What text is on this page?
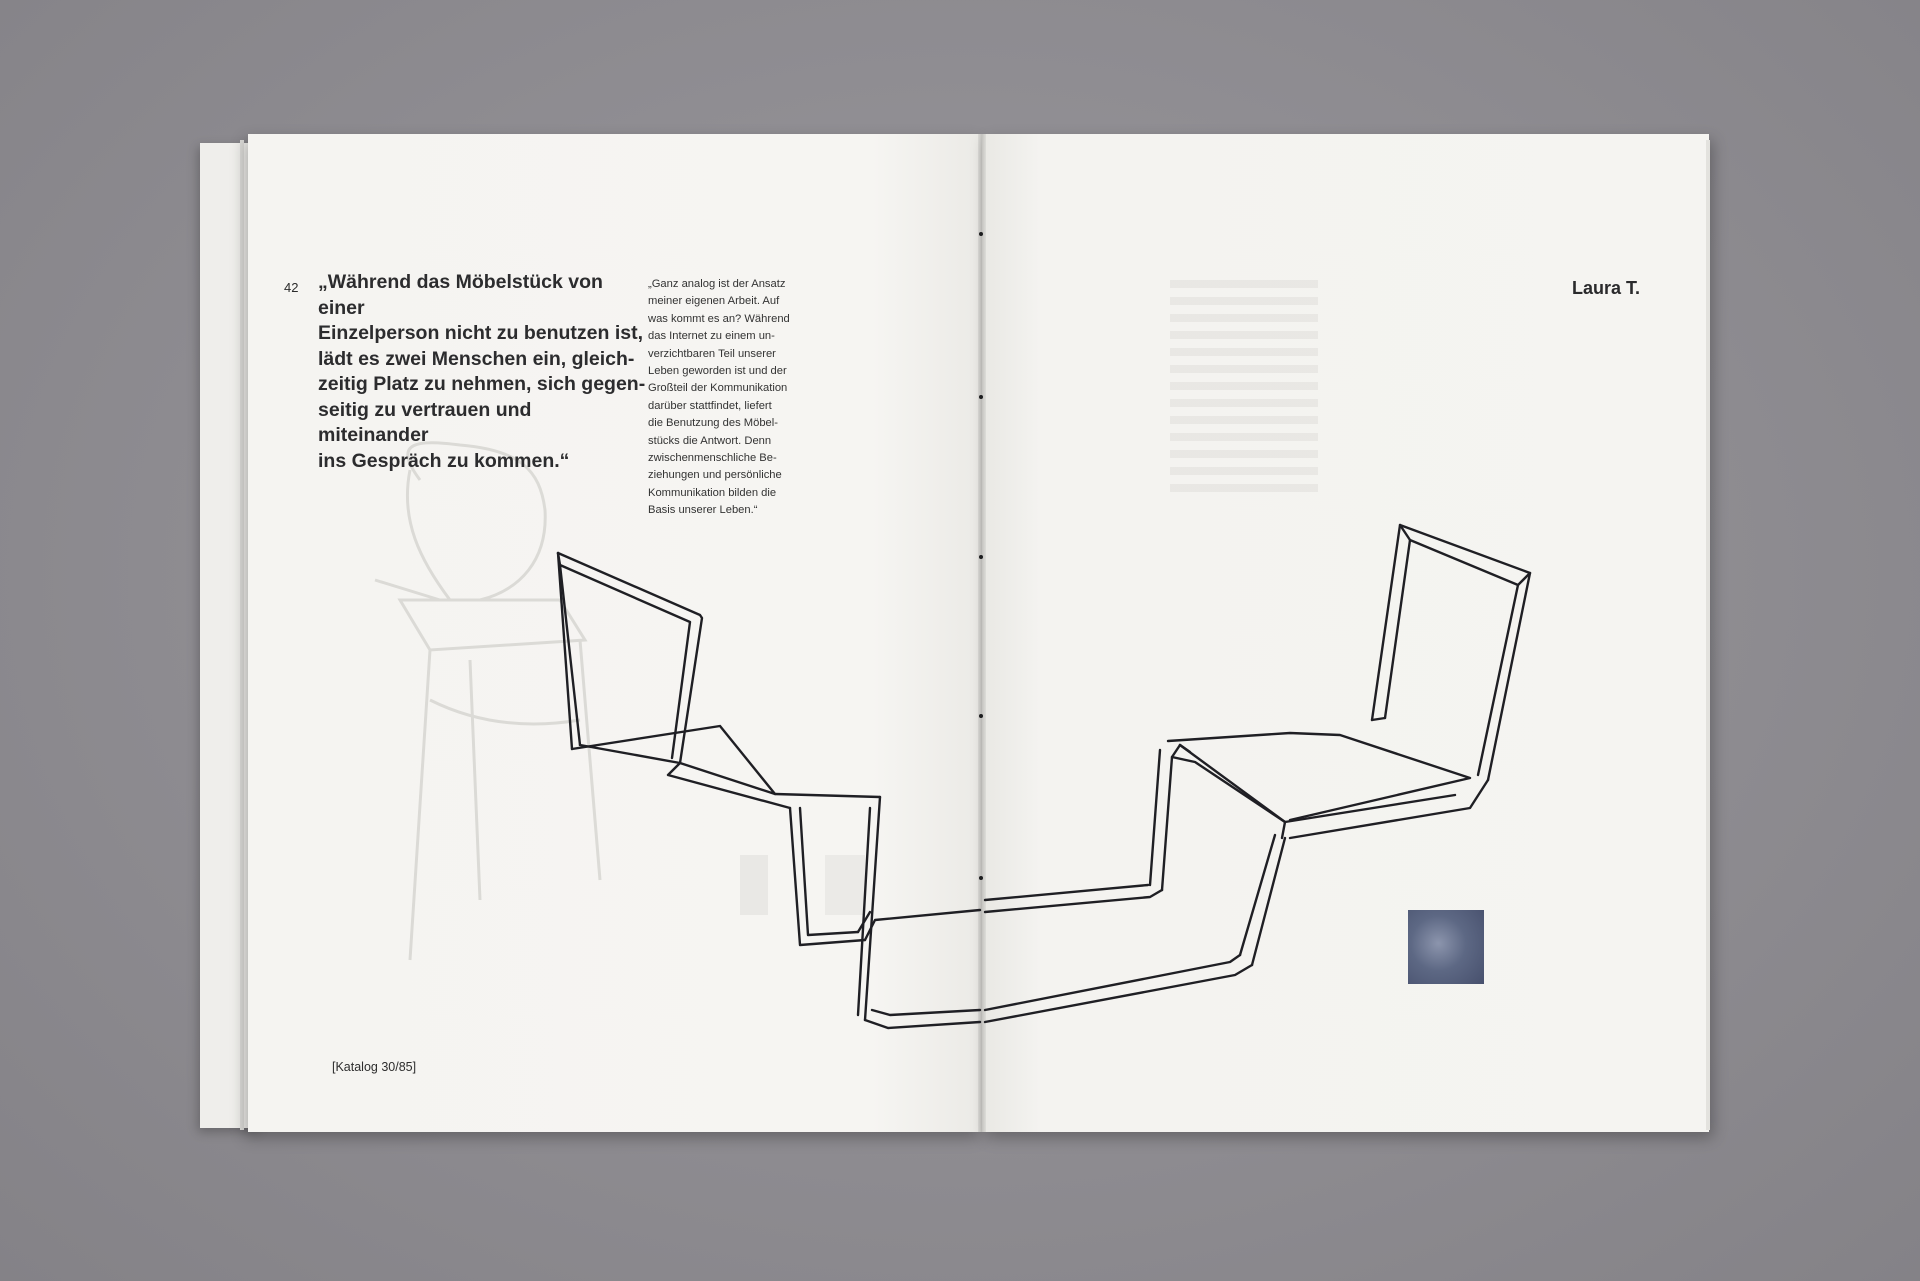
42 „Während das Möbelstück von einer
Einzelperson nicht zu benutzen ist,
lädt es zwei Menschen ein, gleich-
zeitig Platz zu nehmen, sich gegen-
seitig zu vertrauen und miteinander
ins Gespräch zu kommen.“
„Ganz analog ist der Ansatz
meiner eigenen Arbeit. Auf
was kommt es an? Während
das Internet zu einem un-
verzichtbaren Teil unserer
Leben geworden ist und der
Großteil der Kommunikation
darüber stattfindet, liefert
die Benutzung des Möbel-
stücks die Antwort. Denn
zwischenmenschliche Be-
ziehungen und persönliche
Kommunikation bilden die
Basis unserer Leben.“
[Katalog 30/85]
Laura T.
